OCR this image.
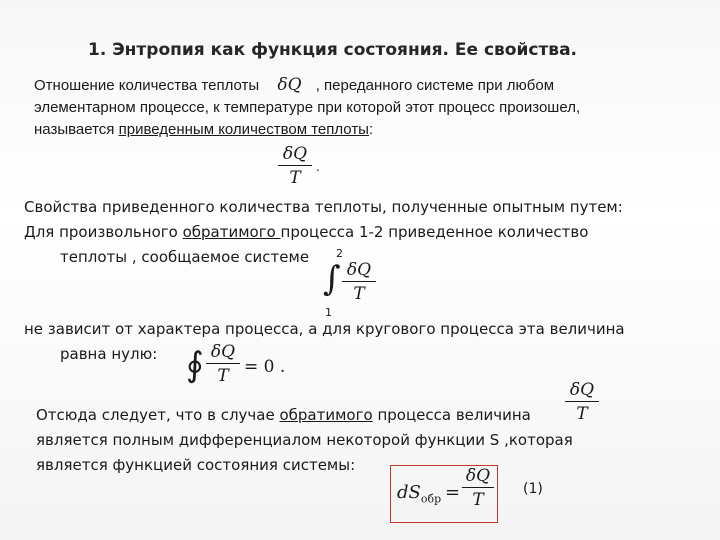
1. Энтропия как функция состояния. Ее свойства.
Отношение количества теплоты δQ , переданного системе при любом
элементарном процессе, к температуре при которой этот процесс произошел,
называется приведенным количеством теплоты:
δQ
T
.
Свойства приведенного количества теплоты, полученные опытным путем:
Для произвольного обратимого процесса 1-2 приведенное количество
теплоты , сообщаемое системе 2
∫
1
δQ
T
не зависит от характера процесса, а для кругового процесса эта величина
равна нулю: ∮ δQ
T = 0 .
Отсюда следует, что в случае обратимого процесса величина
является полным дифференциалом некоторой функции S ,которая
является функцией состояния системы:
δQ
T
$dS_{обр}$ =
δQ
T
(1)
